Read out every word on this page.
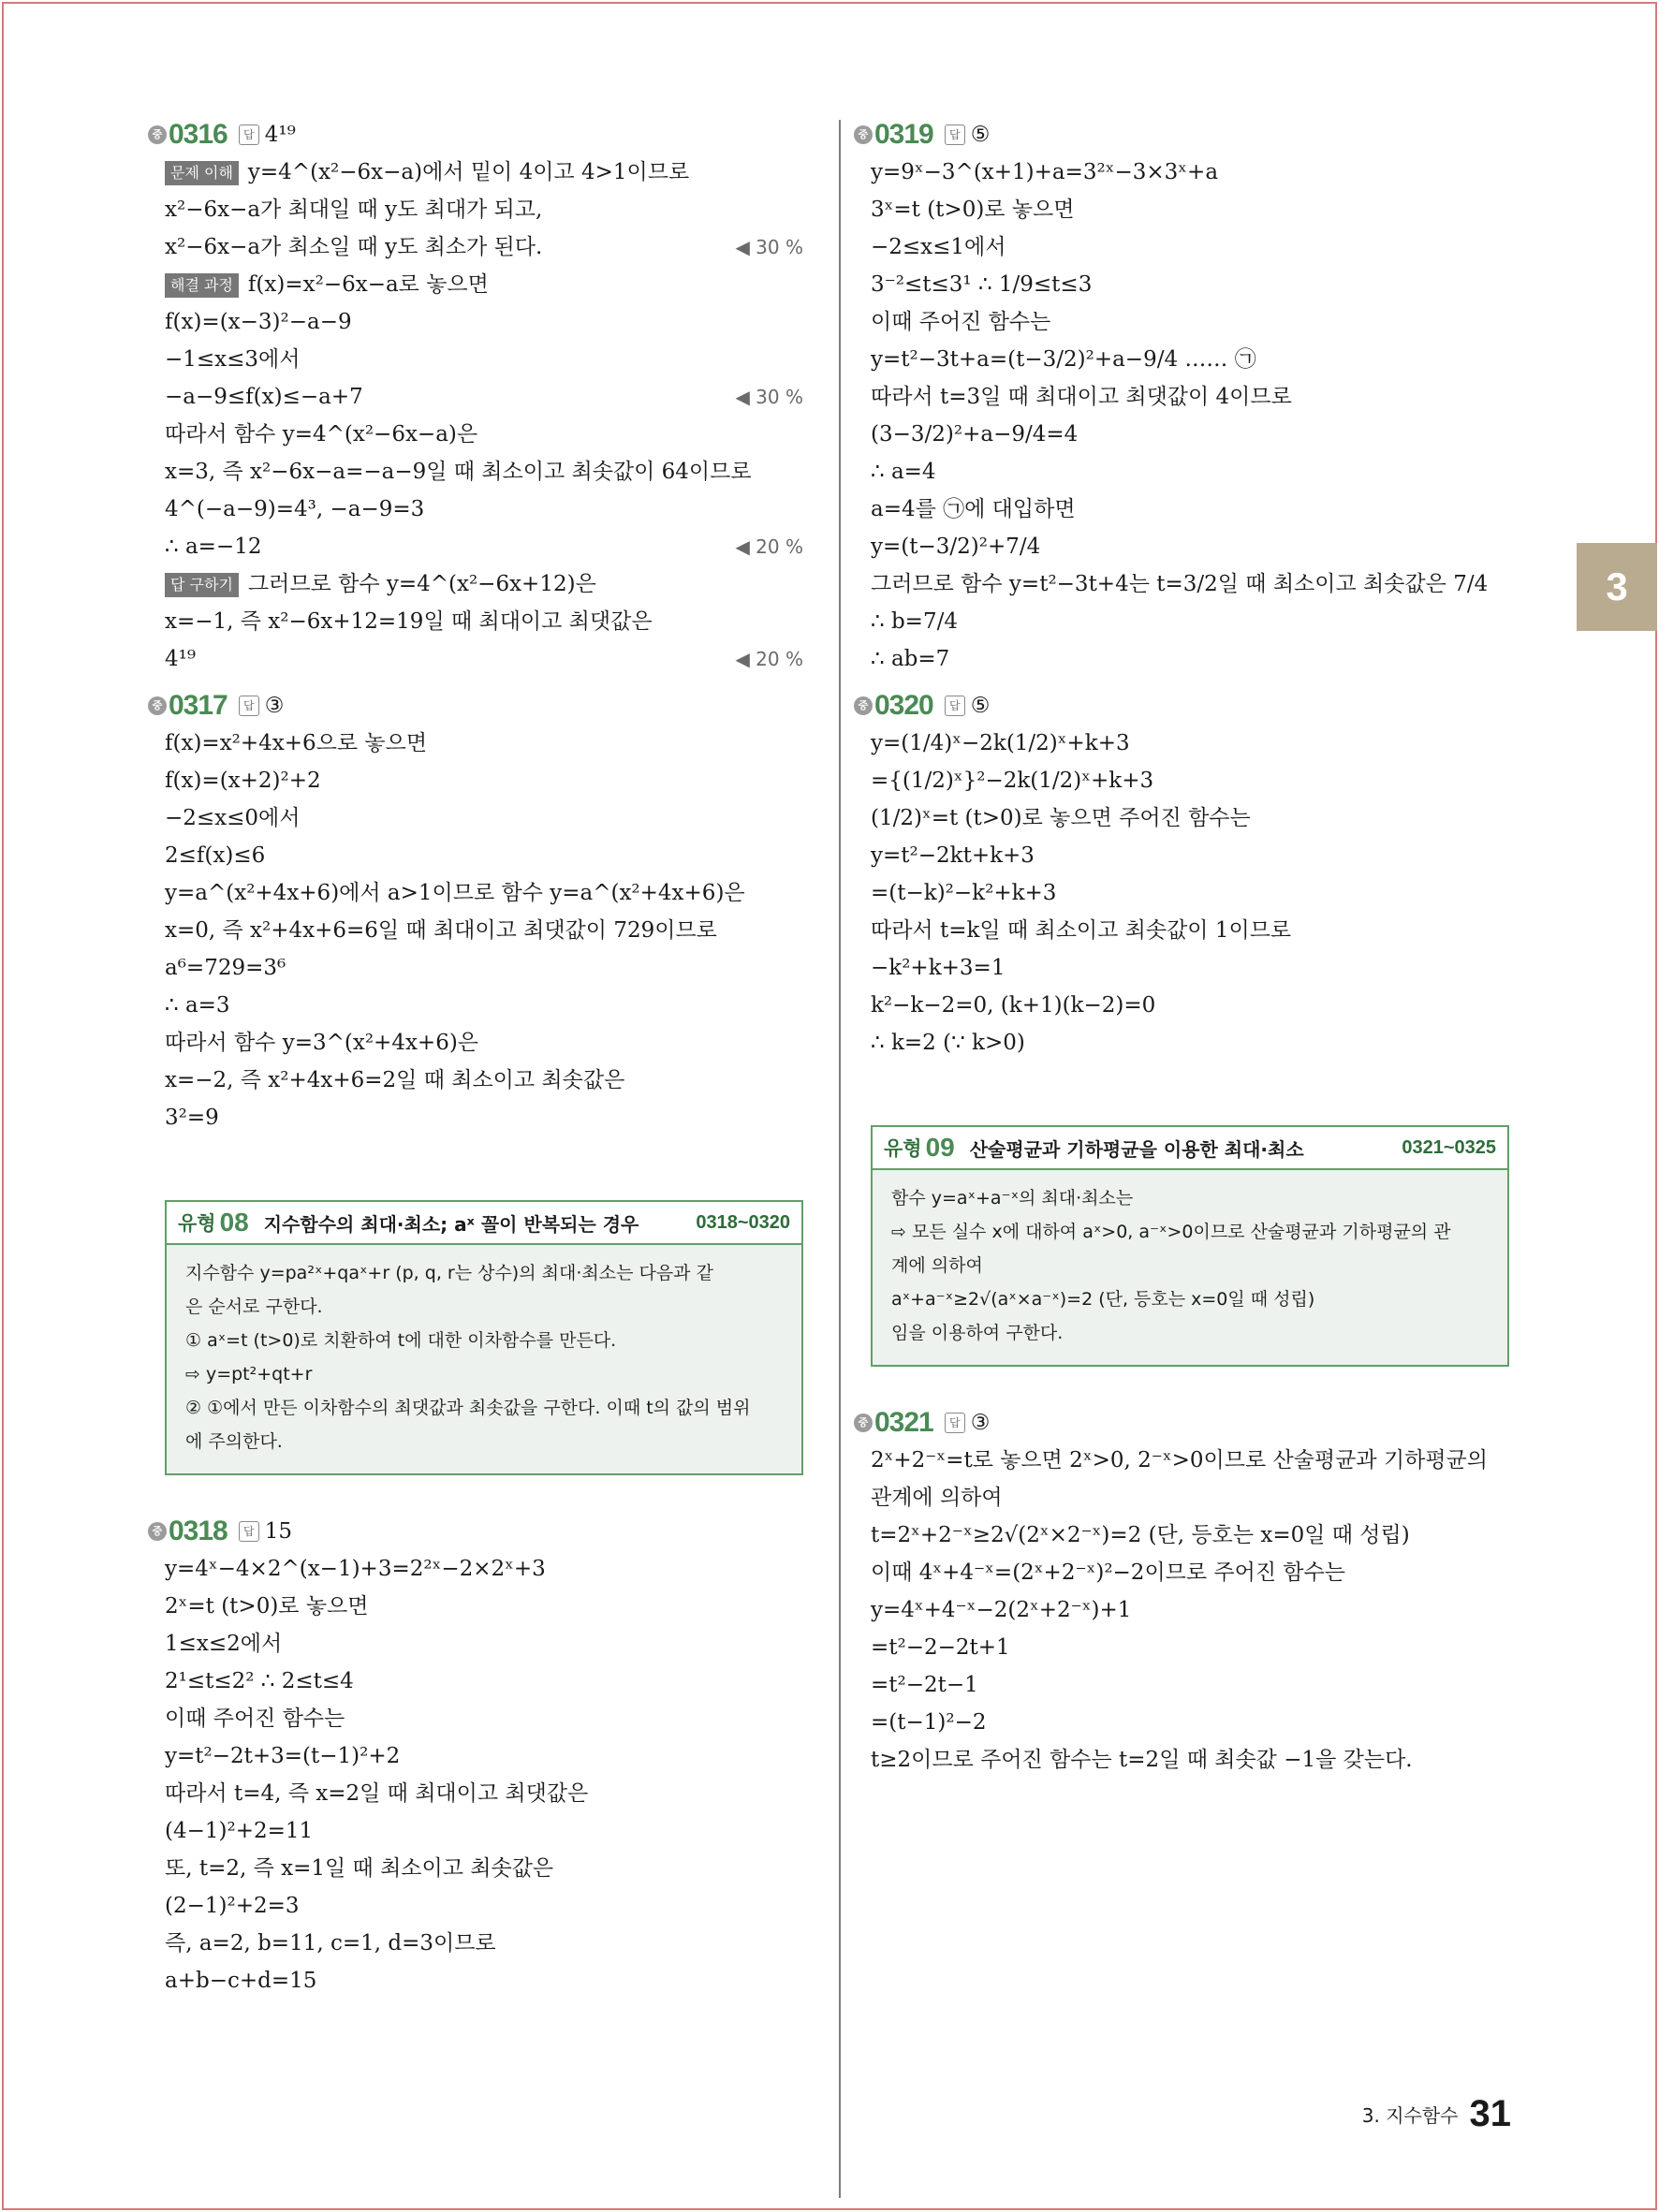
3
중 0316	답 4¹⁹
문제 이해 y=4^(x²−6x−a)에서 밑이 4이고 4>1이므로
x²−6x−a가 최대일 때 y도 최대가 되고,
x²−6x−a가 최소일 때 y도 최소가 된다.	◀ 30 %
해결 과정 f(x)=x²−6x−a로 놓으면
f(x)=(x−3)²−a−9
−1≤x≤3에서
−a−9≤f(x)≤−a+7	◀ 30 %
따라서 함수 y=4^(x²−6x−a)은
x=3, 즉 x²−6x−a=−a−9일 때 최소이고 최솟값이 64이므로
4^(−a−9)=4³, −a−9=3
∴ a=−12	◀ 20 %
답 구하기 그러므로 함수 y=4^(x²−6x+12)은
x=−1, 즉 x²−6x+12=19일 때 최대이고 최댓값은
4¹⁹	◀ 20 %
중 0317	답 ③
f(x)=x²+4x+6으로 놓으면
f(x)=(x+2)²+2
−2≤x≤0에서
2≤f(x)≤6
y=a^(x²+4x+6)에서 a>1이므로 함수 y=a^(x²+4x+6)은
x=0, 즉 x²+4x+6=6일 때 최대이고 최댓값이 729이므로
a⁶=729=3⁶
∴ a=3
따라서 함수 y=3^(x²+4x+6)은
x=−2, 즉 x²+4x+6=2일 때 최소이고 최솟값은
3²=9
유형 08 지수함수의 최대·최소; aˣ 꼴이 반복되는 경우	0318~0320
지수함수 y=pa²ˣ+qaˣ+r (p, q, r는 상수)의 최대·최소는 다음과 같
은 순서로 구한다.
① aˣ=t (t>0)로 치환하여 t에 대한 이차함수를 만든다.
⇨ y=pt²+qt+r
② ①에서 만든 이차함수의 최댓값과 최솟값을 구한다. 이때 t의 값의 범위
에 주의한다.
중 0318	답 15
y=4ˣ−4×2^(x−1)+3=2²ˣ−2×2ˣ+3
2ˣ=t (t>0)로 놓으면
1≤x≤2에서
2¹≤t≤2² ∴ 2≤t≤4
이때 주어진 함수는
y=t²−2t+3=(t−1)²+2
따라서 t=4, 즉 x=2일 때 최대이고 최댓값은
(4−1)²+2=11
또, t=2, 즉 x=1일 때 최소이고 최솟값은
(2−1)²+2=3
즉, a=2, b=11, c=1, d=3이므로
a+b−c+d=15
중 0319	답 ⑤
y=9ˣ−3^(x+1)+a=3²ˣ−3×3ˣ+a
3ˣ=t (t>0)로 놓으면
−2≤x≤1에서
3⁻²≤t≤3¹ ∴ 1/9≤t≤3
이때 주어진 함수는
y=t²−3t+a=(t−3/2)²+a−9/4 …… ㉠
따라서 t=3일 때 최대이고 최댓값이 4이므로
(3−3/2)²+a−9/4=4
∴ a=4
a=4를 ㉠에 대입하면
y=(t−3/2)²+7/4
그러므로 함수 y=t²−3t+4는 t=3/2일 때 최소이고 최솟값은 7/4
∴ b=7/4
∴ ab=7
중 0320	답 ⑤
y=(1/4)ˣ−2k(1/2)ˣ+k+3
={(1/2)ˣ}²−2k(1/2)ˣ+k+3
(1/2)ˣ=t (t>0)로 놓으면 주어진 함수는
y=t²−2kt+k+3
=(t−k)²−k²+k+3
따라서 t=k일 때 최소이고 최솟값이 1이므로
−k²+k+3=1
k²−k−2=0, (k+1)(k−2)=0
∴ k=2 (∵ k>0)
유형 09 산술평균과 기하평균을 이용한 최대·최소	0321~0325
함수 y=aˣ+a⁻ˣ의 최대·최소는
⇨ 모든 실수 x에 대하여 aˣ>0, a⁻ˣ>0이므로 산술평균과 기하평균의 관
계에 의하여
aˣ+a⁻ˣ≥2√(aˣ×a⁻ˣ)=2 (단, 등호는 x=0일 때 성립)
임을 이용하여 구한다.
중 0321	답 ③
2ˣ+2⁻ˣ=t로 놓으면 2ˣ>0, 2⁻ˣ>0이므로 산술평균과 기하평균의
관계에 의하여
t=2ˣ+2⁻ˣ≥2√(2ˣ×2⁻ˣ)=2 (단, 등호는 x=0일 때 성립)
이때 4ˣ+4⁻ˣ=(2ˣ+2⁻ˣ)²−2이므로 주어진 함수는
y=4ˣ+4⁻ˣ−2(2ˣ+2⁻ˣ)+1
=t²−2−2t+1
=t²−2t−1
=(t−1)²−2
t≥2이므로 주어진 함수는 t=2일 때 최솟값 −1을 갖는다.
3. 지수함수 31
